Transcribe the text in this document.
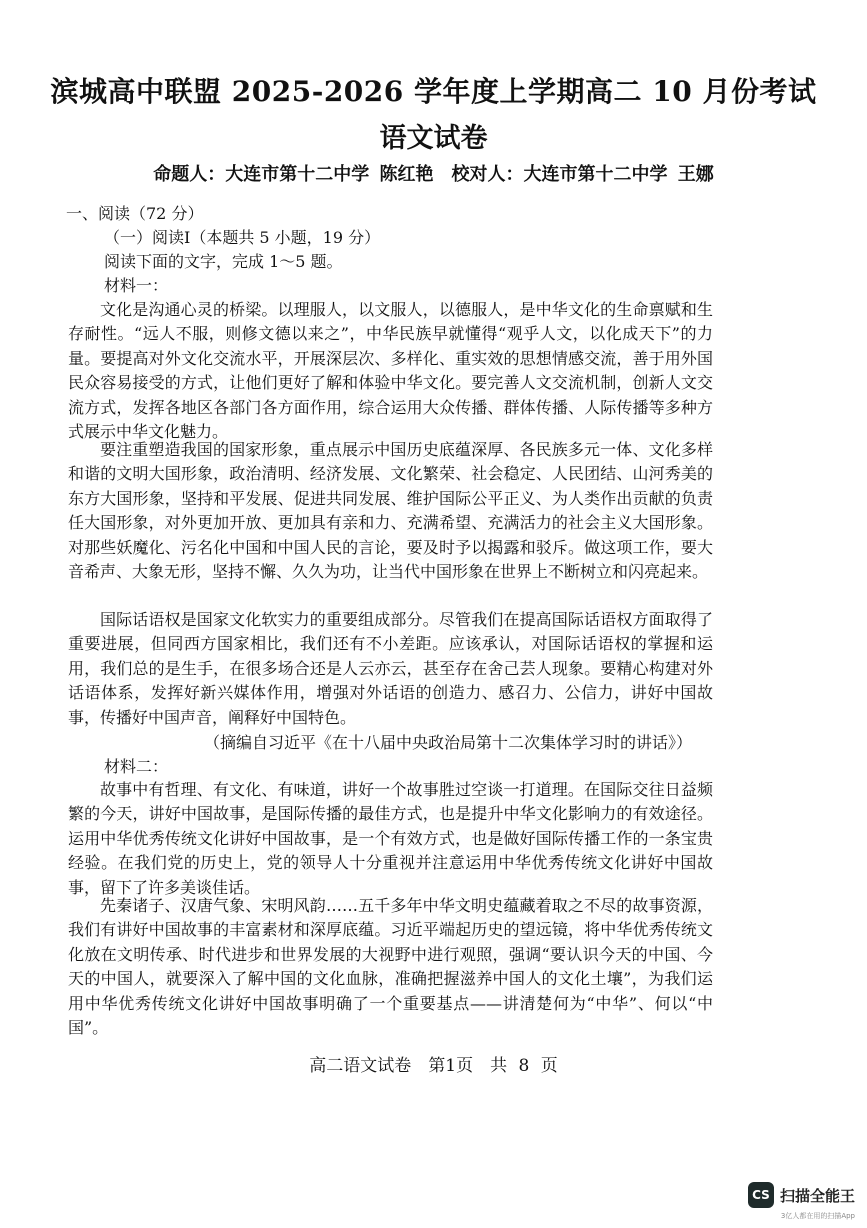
滨城高中联盟 2025-2026 学年度上学期高二 10 月份考试
语文试卷
命题人：大连市第十二中学 陈红艳　校对人：大连市第十二中学 王娜
一、阅读（72 分）
（一）阅读Ⅰ（本题共 5 小题，19 分）
阅读下面的文字，完成 1～5 题。
材料一：

文化是沟通心灵的桥梁。以理服人，以文服人，以德服人，是中华文化的生命禀赋和生存耐性。“远人不服，则修文德以来之”，中华民族早就懂得“观乎人文，以化成天下”的力量。要提高对外文化交流水平，开展深层次、多样化、重实效的思想情感交流，善于用外国民众容易接受的方式，让他们更好了解和体验中华文化。要完善人文交流机制，创新人文交流方式，发挥各地区各部门各方面作用，综合运用大众传播、群体传播、人际传播等多种方式展示中华文化魅力。

要注重塑造我国的国家形象，重点展示中国历史底蕴深厚、各民族多元一体、文化多样和谐的文明大国形象，政治清明、经济发展、文化繁荣、社会稳定、人民团结、山河秀美的东方大国形象，坚持和平发展、促进共同发展、维护国际公平正义、为人类作出贡献的负责任大国形象，对外更加开放、更加具有亲和力、充满希望、充满活力的社会主义大国形象。对那些妖魔化、污名化中国和中国人民的言论，要及时予以揭露和驳斥。做这项工作，要大音希声、大象无形，坚持不懈、久久为功，让当代中国形象在世界上不断树立和闪亮起来。

国际话语权是国家文化软实力的重要组成部分。尽管我们在提高国际话语权方面取得了重要进展，但同西方国家相比，我们还有不小差距。应该承认，对国际话语权的掌握和运用，我们总的是生手，在很多场合还是人云亦云，甚至存在舍己芸人现象。要精心构建对外话语体系，发挥好新兴媒体作用，增强对外话语的创造力、感召力、公信力，讲好中国故事，传播好中国声音，阐释好中国特色。

（摘编自习近平《在十八届中央政治局第十二次集体学习时的讲话》）
材料二：

故事中有哲理、有文化、有味道，讲好一个故事胜过空谈一打道理。在国际交往日益频繁的今天，讲好中国故事，是国际传播的最佳方式，也是提升中华文化影响力的有效途径。运用中华优秀传统文化讲好中国故事，是一个有效方式，也是做好国际传播工作的一条宝贵经验。在我们党的历史上，党的领导人十分重视并注意运用中华优秀传统文化讲好中国故事，留下了许多美谈佳话。

先秦诸子、汉唐气象、宋明风韵……五千多年中华文明史蕴藏着取之不尽的故事资源，我们有讲好中国故事的丰富素材和深厚底蕴。习近平端起历史的望远镜，将中华优秀传统文化放在文明传承、时代进步和世界发展的大视野中进行观照，强调“要认识今天的中国、今天的中国人，就要深入了解中国的文化血脉，准确把握滋养中国人的文化土壤”，为我们运用中华优秀传统文化讲好中国故事明确了一个重要基点——讲清楚何为“中华”、何以“中国”。

高二语文试卷　第1页　共 8 页
CS 扫描全能王
3亿人都在用的扫描App
